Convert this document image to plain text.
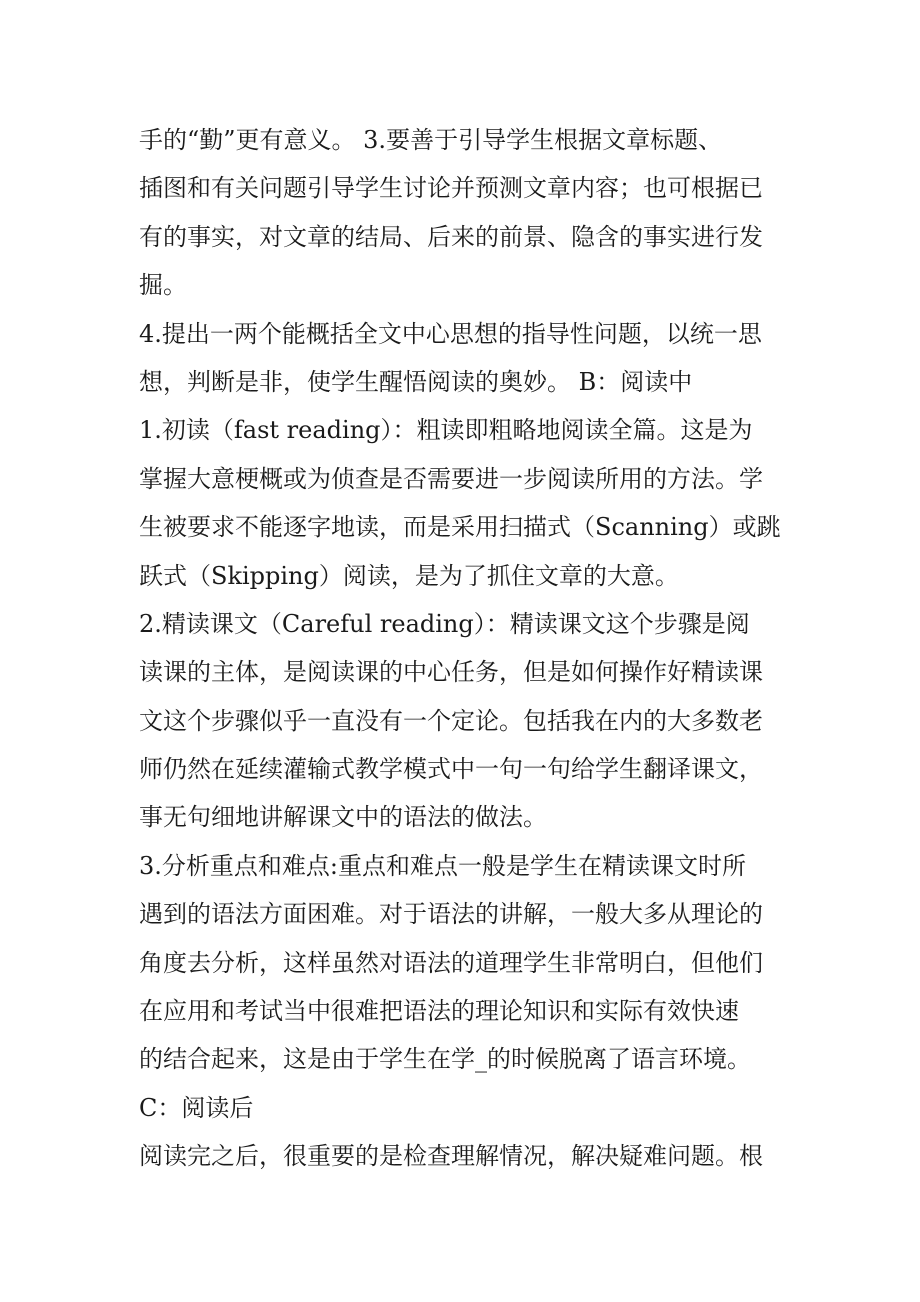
手的“勤”更有意义。 3.要善于引导学生根据文章标题、
插图和有关问题引导学生讨论并预测文章内容；也可根据已
有的事实，对文章的结局、后来的前景、隐含的事实进行发
掘。
4.提出一两个能概括全文中心思想的指导性问题，以统一思
想，判断是非，使学生醒悟阅读的奥妙。 B：阅读中
1.初读（fast reading）：粗读即粗略地阅读全篇。这是为
掌握大意梗概或为侦查是否需要进一步阅读所用的方法。学
生被要求不能逐字地读，而是采用扫描式（Scanning）或跳
跃式（Skipping）阅读，是为了抓住文章的大意。
2.精读课文（Careful reading）：精读课文这个步骤是阅
读课的主体，是阅读课的中心任务，但是如何操作好精读课
文这个步骤似乎一直没有一个定论。包括我在内的大多数老
师仍然在延续灌输式教学模式中一句一句给学生翻译课文，
事无句细地讲解课文中的语法的做法。
3.分析重点和难点:重点和难点一般是学生在精读课文时所
遇到的语法方面困难。对于语法的讲解，一般大多从理论的
角度去分析，这样虽然对语法的道理学生非常明白，但他们
在应用和考试当中很难把语法的理论知识和实际有效快速
的结合起来，这是由于学生在学_的时候脱离了语言环境。
C：阅读后
阅读完之后，很重要的是检查理解情况，解决疑难问题。根
